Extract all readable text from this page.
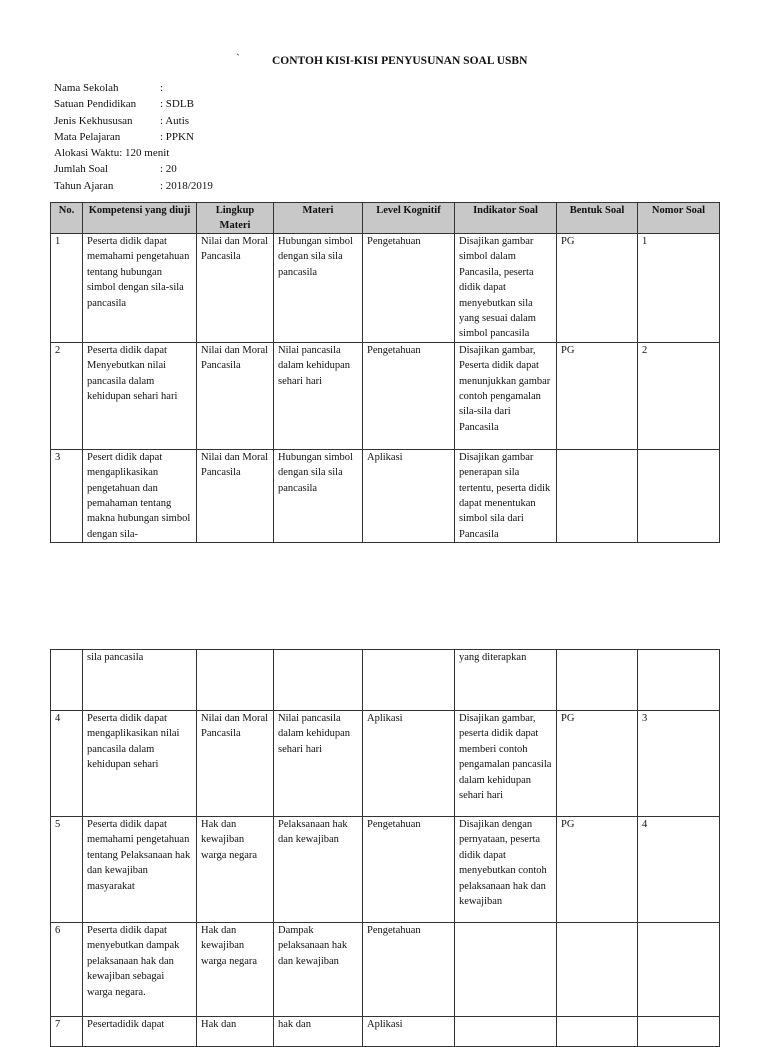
`	CONTOH KISI-KISI PENYUSUNAN SOAL USBN
Nama Sekolah	:
Satuan Pendidikan : SDLB
Jenis Kekhususan : Autis
Mata Pelajaran	: PPKN
Alokasi Waktu: 120 menit
Jumlah Soal	: 20
Tahun Ajaran	: 2018/2019
No.	Kompetensi yang diuji	Lingkup Materi	Materi	Level Kognitif	Indikator Soal	Bentuk Soal	Nomor Soal
1	Peserta didik dapat memahami pengetahuan tentang hubungan simbol dengan sila-sila pancasila	Nilai dan Moral Pancasila	Hubungan simbol dengan sila sila pancasila	Pengetahuan	Disajikan gambar simbol dalam Pancasila, peserta didik dapat menyebutkan sila yang sesuai dalam simbol pancasila	PG	1
2	Peserta didik dapat Menyebutkan nilai pancasila dalam kehidupan sehari hari	Nilai dan Moral Pancasila	Nilai pancasila dalam kehidupan sehari hari	Pengetahuan	Disajikan gambar, Peserta didik dapat menunjukkan gambar contoh pengamalan sila-sila dari Pancasila	PG	2
3	Pesert didik dapat mengaplikasikan pengetahuan dan pemahaman tentang makna hubungan simbol dengan sila-	Nilai dan Moral Pancasila	Hubungan simbol dengan sila sila pancasila	Aplikasi	Disajikan gambar penerapan sila tertentu, peserta didik dapat menentukan simbol sila dari Pancasila		
	sila pancasila				yang diterapkan		
4	Peserta didik dapat mengaplikasikan nilai pancasila dalam kehidupan sehari	Nilai dan Moral Pancasila	Nilai pancasila dalam kehidupan sehari hari	Aplikasi	Disajikan gambar, peserta didik dapat memberi contoh pengamalan pancasila dalam kehidupan sehari hari	PG	3
5	Peserta didik dapat memahami pengetahuan tentang Pelaksanaan hak dan kewajiban masyarakat	Hak dan kewajiban warga negara	Pelaksanaan hak dan kewajiban	Pengetahuan	Disajikan dengan pernyataan, peserta didik dapat menyebutkan contoh pelaksanaan hak dan kewajiban	PG	4
6	Peserta didik dapat menyebutkan dampak pelaksanaan hak dan kewajiban sebagai warga negara.	Hak dan kewajiban warga negara	Dampak pelaksanaan hak dan kewajiban	Pengetahuan			
7	Pesertadidik dapat	Hak dan	hak dan	Aplikasi			
